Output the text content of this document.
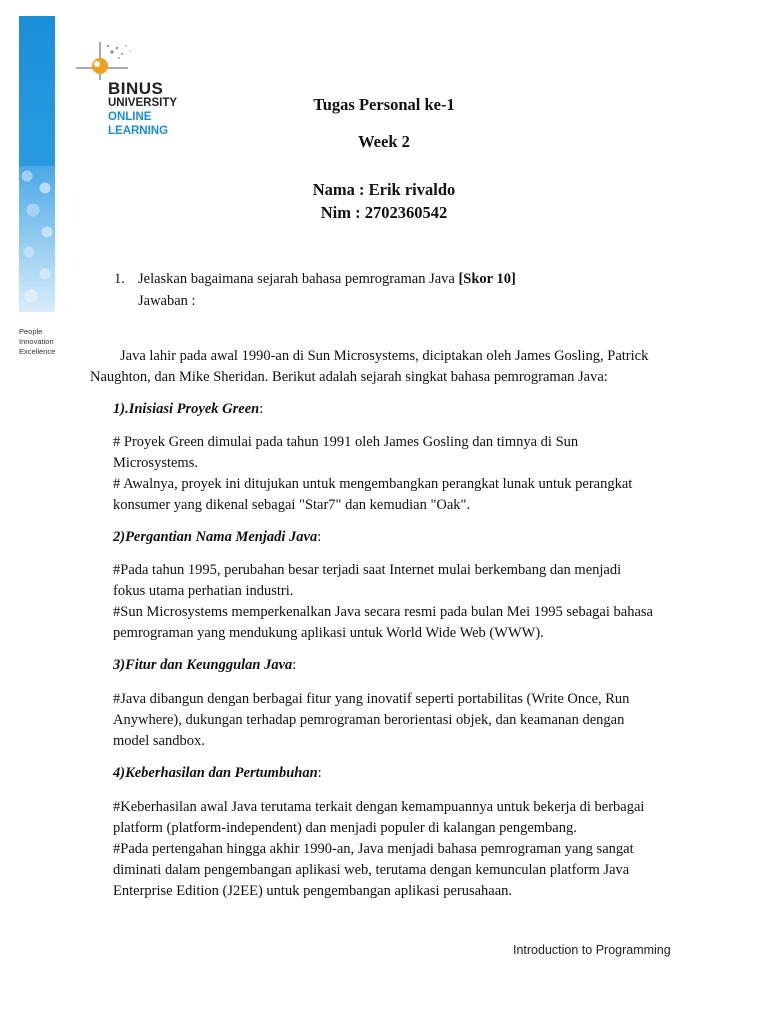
People
Innovation
Excellence
BINUS
UNIVERSITY
ONLINE
LEARNING
Tugas Personal ke-1
Week 2
Nama : Erik rivaldo
Nim : 2702360542
1. Jelaskan bagaimana sejarah bahasa pemrograman Java [Skor 10]
Jawaban :
Java lahir pada awal 1990-an di Sun Microsystems, diciptakan oleh James Gosling, Patrick
Naughton, dan Mike Sheridan. Berikut adalah sejarah singkat bahasa pemrograman Java:
1).Inisiasi Proyek Green:
# Proyek Green dimulai pada tahun 1991 oleh James Gosling dan timnya di Sun
Microsystems.
# Awalnya, proyek ini ditujukan untuk mengembangkan perangkat lunak untuk perangkat
konsumer yang dikenal sebagai "Star7" dan kemudian "Oak".
2)Pergantian Nama Menjadi Java:
#Pada tahun 1995, perubahan besar terjadi saat Internet mulai berkembang dan menjadi
fokus utama perhatian industri.
#Sun Microsystems memperkenalkan Java secara resmi pada bulan Mei 1995 sebagai bahasa
pemrograman yang mendukung aplikasi untuk World Wide Web (WWW).
3)Fitur dan Keunggulan Java:
#Java dibangun dengan berbagai fitur yang inovatif seperti portabilitas (Write Once, Run
Anywhere), dukungan terhadap pemrograman berorientasi objek, dan keamanan dengan
model sandbox.
4)Keberhasilan dan Pertumbuhan:
#Keberhasilan awal Java terutama terkait dengan kemampuannya untuk bekerja di berbagai
platform (platform-independent) dan menjadi populer di kalangan pengembang.
#Pada pertengahan hingga akhir 1990-an, Java menjadi bahasa pemrograman yang sangat
diminati dalam pengembangan aplikasi web, terutama dengan kemunculan platform Java
Enterprise Edition (J2EE) untuk pengembangan aplikasi perusahaan.
Introduction to Programming
